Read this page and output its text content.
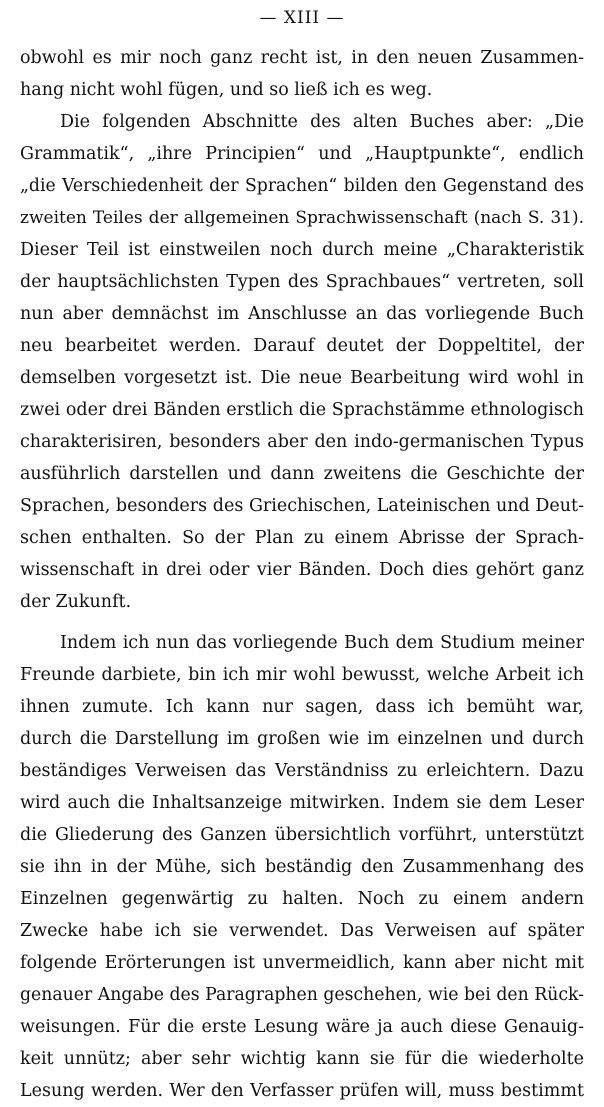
— XIII —
obwohl es mir noch ganz recht ist, in den neuen Zusammen-
hang nicht wohl fügen, und so ließ ich es weg.
Die folgenden Abschnitte des alten Buches aber: „Die
Grammatik“, „ihre Principien“ und „Hauptpunkte“, endlich
„die Verschiedenheit der Sprachen“ bilden den Gegenstand des
zweiten Teiles der allgemeinen Sprachwissenschaft (nach S. 31).
Dieser Teil ist einstweilen noch durch meine „Charakteristik
der hauptsächlichsten Typen des Sprachbaues“ vertreten, soll
nun aber demnächst im Anschlusse an das vorliegende Buch
neu bearbeitet werden. Darauf deutet der Doppeltitel, der
demselben vorgesetzt ist. Die neue Bearbeitung wird wohl in
zwei oder drei Bänden erstlich die Sprachstämme ethnologisch
charakterisiren, besonders aber den indo-germanischen Typus
ausführlich darstellen und dann zweitens die Geschichte der
Sprachen, besonders des Griechischen, Lateinischen und Deut-
schen enthalten. So der Plan zu einem Abrisse der Sprach-
wissenschaft in drei oder vier Bänden. Doch dies gehört ganz
der Zukunft.
Indem ich nun das vorliegende Buch dem Studium meiner
Freunde darbiete, bin ich mir wohl bewusst, welche Arbeit ich
ihnen zumute. Ich kann nur sagen, dass ich bemüht war,
durch die Darstellung im großen wie im einzelnen und durch
beständiges Verweisen das Verständniss zu erleichtern. Dazu
wird auch die Inhaltsanzeige mitwirken. Indem sie dem Leser
die Gliederung des Ganzen übersichtlich vorführt, unterstützt
sie ihn in der Mühe, sich beständig den Zusammenhang des
Einzelnen gegenwärtig zu halten. Noch zu einem andern
Zwecke habe ich sie verwendet. Das Verweisen auf später
folgende Erörterungen ist unvermeidlich, kann aber nicht mit
genauer Angabe des Paragraphen geschehen, wie bei den Rück-
weisungen. Für die erste Lesung wäre ja auch diese Genauig-
keit unnütz; aber sehr wichtig kann sie für die wiederholte
Lesung werden. Wer den Verfasser prüfen will, muss bestimmt
